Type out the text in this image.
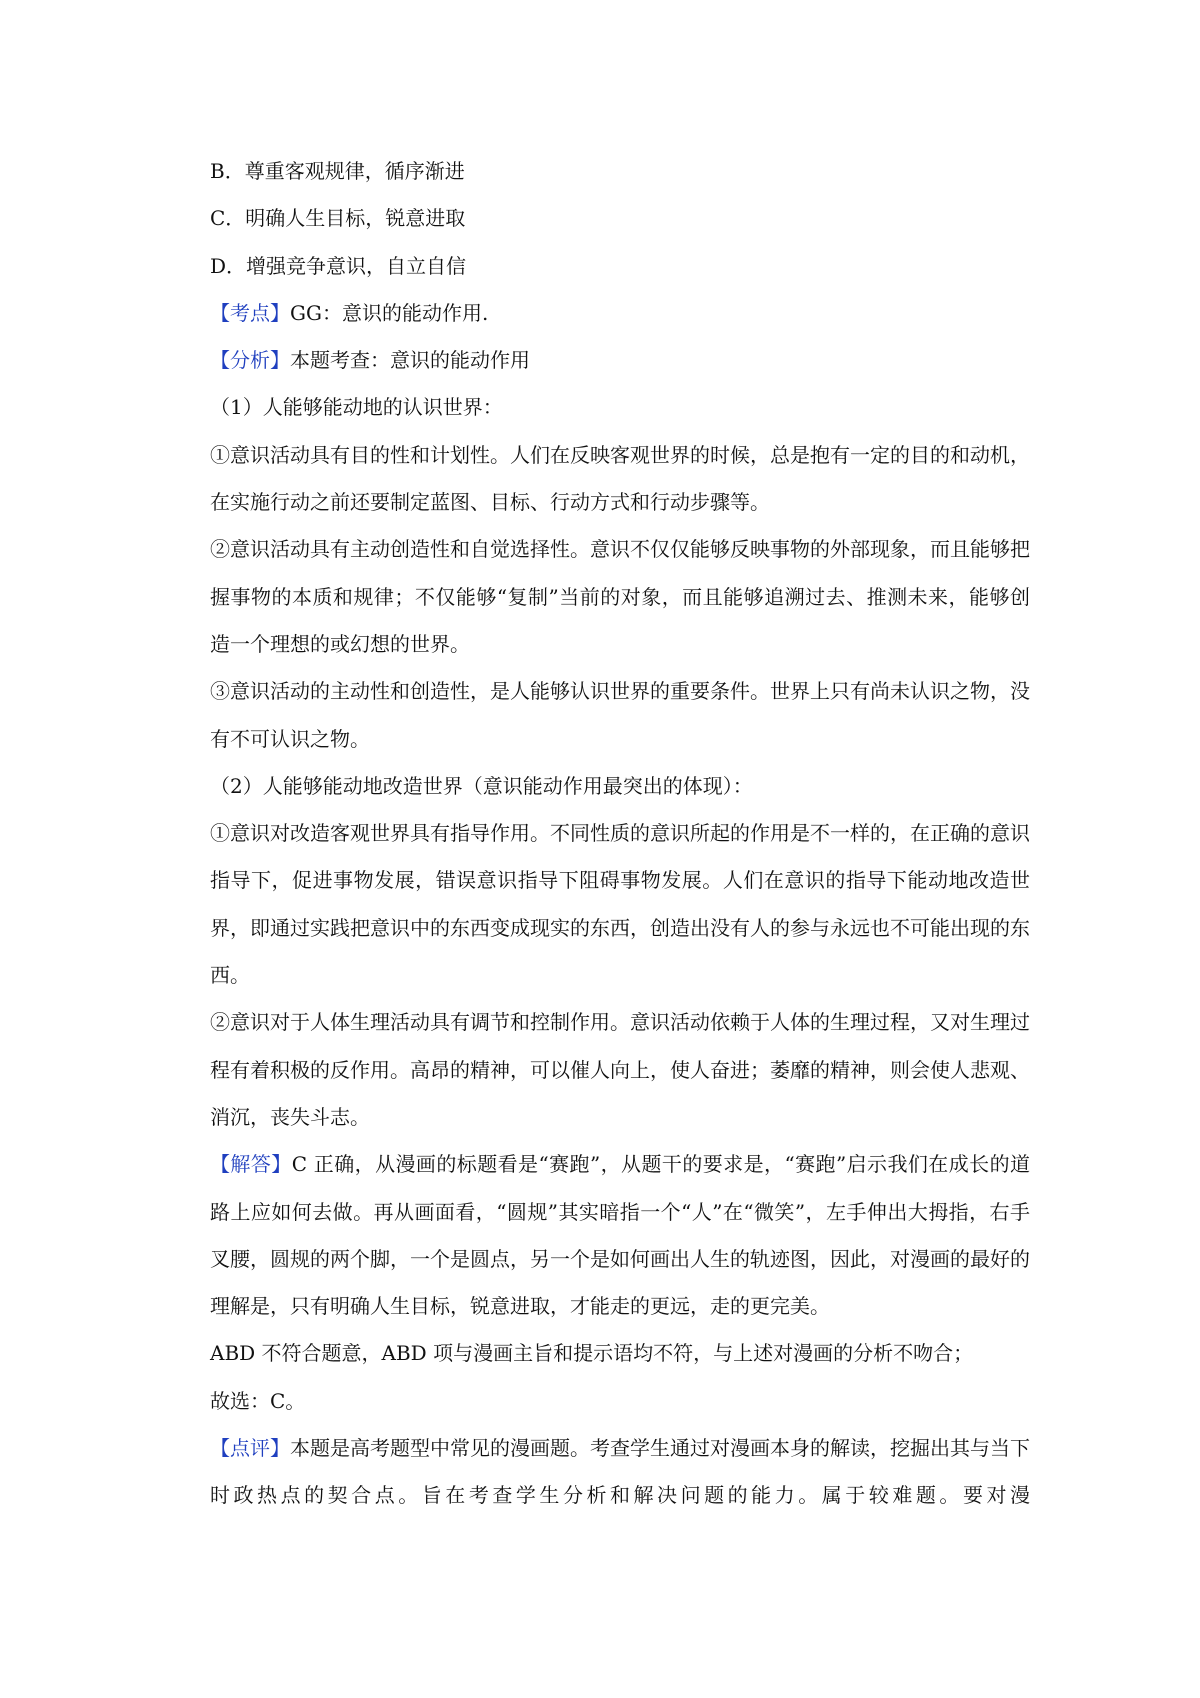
B．尊重客观规律，循序渐进

C．明确人生目标，锐意进取

D．增强竞争意识，自立自信

【考点】GG：意识的能动作用.

【分析】本题考查：意识的能动作用

（1）人能够能动地的认识世界：

①意识活动具有目的性和计划性。人们在反映客观世界的时候，总是抱有一定的目的和动机，在实施行动之前还要制定蓝图、目标、行动方式和行动步骤等。

②意识活动具有主动创造性和自觉选择性。意识不仅仅能够反映事物的外部现象，而且能够把握事物的本质和规律；不仅能够“复制”当前的对象，而且能够追溯过去、推测未来，能够创造一个理想的或幻想的世界。

③意识活动的主动性和创造性，是人能够认识世界的重要条件。世界上只有尚未认识之物，没有不可认识之物。

（2）人能够能动地改造世界（意识能动作用最突出的体现）：

①意识对改造客观世界具有指导作用。不同性质的意识所起的作用是不一样的，在正确的意识指导下，促进事物发展，错误意识指导下阻碍事物发展。人们在意识的指导下能动地改造世界，即通过实践把意识中的东西变成现实的东西，创造出没有人的参与永远也不可能出现的东西。

②意识对于人体生理活动具有调节和控制作用。意识活动依赖于人体的生理过程，又对生理过程有着积极的反作用。高昂的精神，可以催人向上，使人奋进；萎靡的精神，则会使人悲观、消沉，丧失斗志。

【解答】C 正确，从漫画的标题看是“赛跑”，从题干的要求是，“赛跑”启示我们在成长的道路上应如何去做。再从画面看，“圆规”其实暗指一个“人”在“微笑”，左手伸出大拇指，右手叉腰，圆规的两个脚，一个是圆点，另一个是如何画出人生的轨迹图，因此，对漫画的最好的理解是，只有明确人生目标，锐意进取，才能走的更远，走的更完美。

ABD 不符合题意，ABD 项与漫画主旨和提示语均不符，与上述对漫画的分析不吻合；

故选：C。

【点评】本题是高考题型中常见的漫画题。考查学生通过对漫画本身的解读，挖掘出其与当下时政热点的契合点。旨在考查学生分析和解决问题的能力。属于较难题。要对漫
